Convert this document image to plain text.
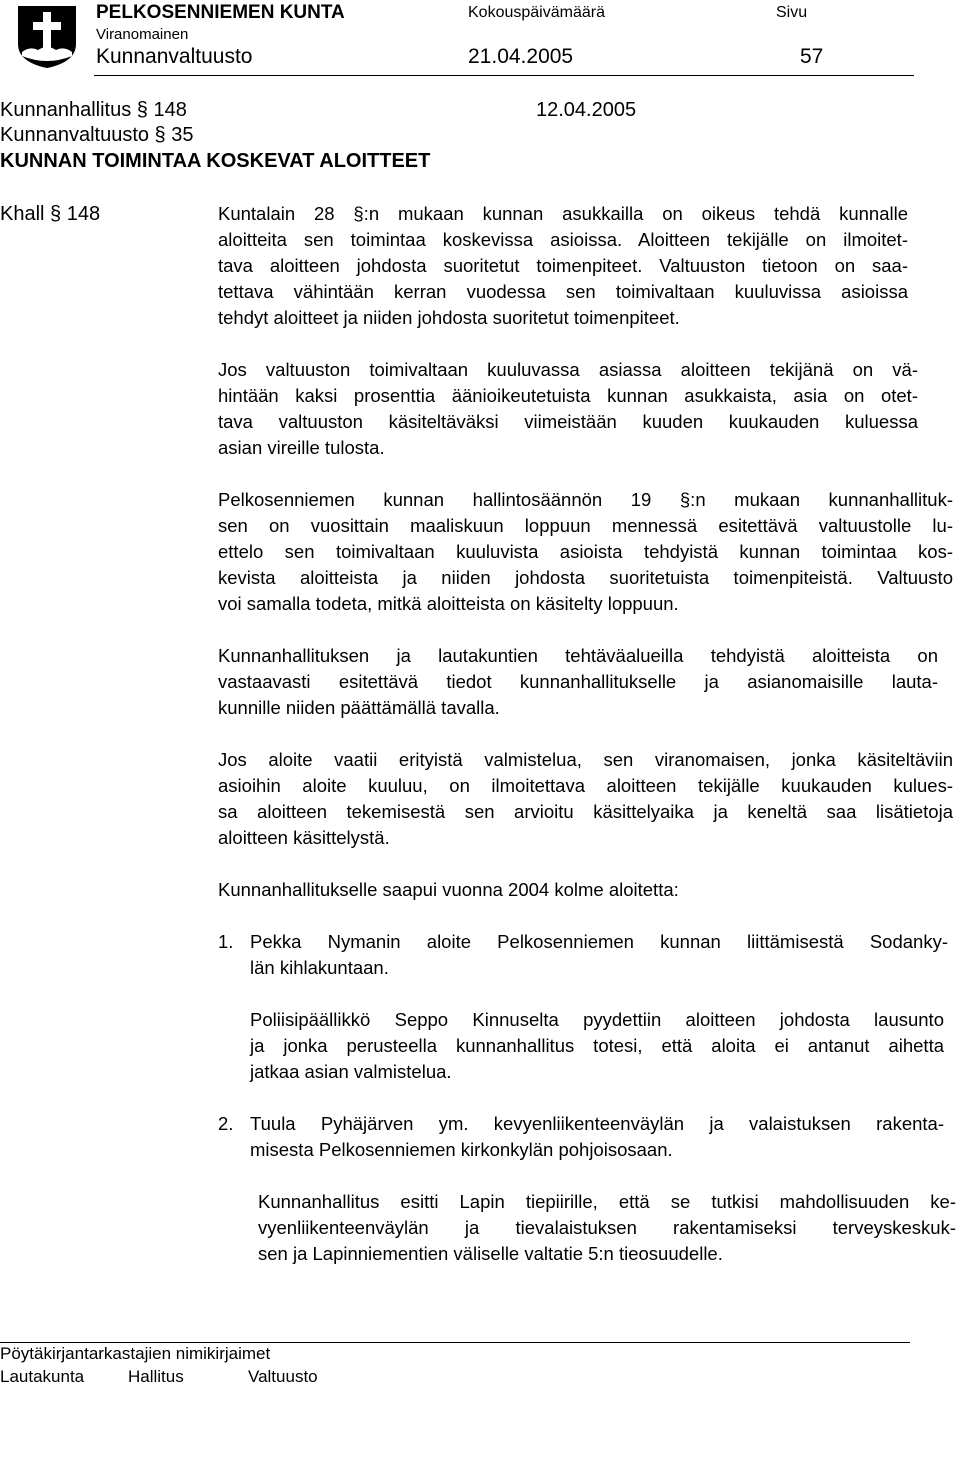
PELKOSENNIEMEN KUNTA
Viranomainen
Kunnanvaltuusto
Kokouspäivämäärä
21.04.2005
Sivu
57
Kunnanhallitus § 148	12.04.2005
Kunnanvaltuusto § 35
KUNNAN TOIMINTAA KOSKEVAT ALOITTEET
Khall § 148	Kuntalain 28 §:n mukaan kunnan asukkailla on oikeus tehdä kunnalle
aloitteita sen toimintaa koskevissa asioissa. Aloitteen tekijälle on ilmoitet-
tava aloitteen johdosta suoritetut toimenpiteet. Valtuuston tietoon on saa-
tettava vähintään kerran vuodessa sen toimivaltaan kuuluvissa asioissa
tehdyt aloitteet ja niiden johdosta suoritetut toimenpiteet.
Jos valtuuston toimivaltaan kuuluvassa asiassa aloitteen tekijänä on vä-
hintään kaksi prosenttia äänioikeutetuista kunnan asukkaista, asia on otet-
tava valtuuston käsiteltäväksi viimeistään kuuden kuukauden kuluessa
asian vireille tulosta.
Pelkosenniemen kunnan hallintosäännön 19 §:n mukaan kunnanhallituk-
sen on vuosittain maaliskuun loppuun mennessä esitettävä valtuustolle lu-
ettelo sen toimivaltaan kuuluvista asioista tehdyistä kunnan toimintaa kos-
kevista aloitteista ja niiden johdosta suoritetuista toimenpiteistä. Valtuusto
voi samalla todeta, mitkä aloitteista on käsitelty loppuun.
Kunnanhallituksen ja lautakuntien tehtäväalueilla tehdyistä aloitteista on
vastaavasti esitettävä tiedot kunnanhallitukselle ja asianomaisille lauta-
kunnille niiden päättämällä tavalla.
Jos aloite vaatii erityistä valmistelua, sen viranomaisen, jonka käsiteltäviin
asioihin aloite kuuluu, on ilmoitettava aloitteen tekijälle kuukauden kulues-
sa aloitteen tekemisestä sen arvioitu käsittelyaika ja keneltä saa lisätietoja
aloitteen käsittelystä.
Kunnanhallitukselle saapui vuonna 2004 kolme aloitetta:
1. Pekka Nymanin aloite Pelkosenniemen kunnan liittämisestä Sodanky-
län kihlakuntaan.
Poliisipäällikkö Seppo Kinnuselta pyydettiin aloitteen johdosta lausunto
ja jonka perusteella kunnanhallitus totesi, että aloita ei antanut aihetta
jatkaa asian valmistelua.
2. Tuula Pyhäjärven ym. kevyenliikenteenväylän ja valaistuksen rakenta-
misesta Pelkosenniemen kirkonkylän pohjoisosaan.
Kunnanhallitus esitti Lapin tiepiirille, että se tutkisi mahdollisuuden ke-
vyenliikenteenväylän ja tievalaistuksen rakentamiseksi terveyskeskuk-
sen ja Lapinniementien väliselle valtatie 5:n tieosuudelle.
Pöytäkirjantarkastajien nimikirjaimet
Lautakunta	Hallitus	Valtuusto
